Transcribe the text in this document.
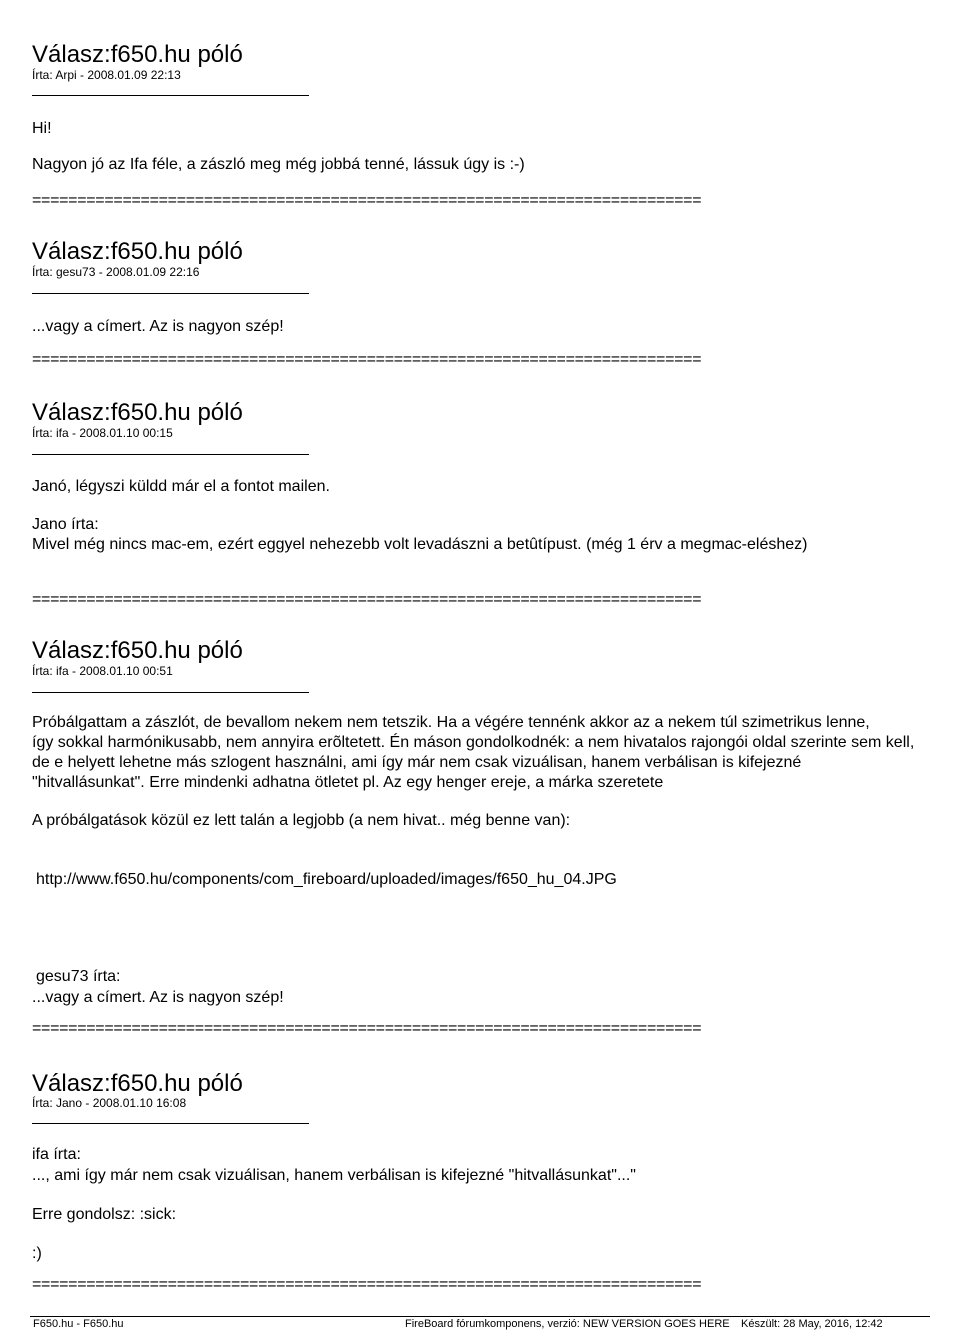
Válasz:f650.hu póló
Írta: Arpi - 2008.01.09 22:13
Hi!
Nagyon jó az Ifa féle, a zászló meg még jobbá tenné, lássuk úgy is :-)
==========================================================================
Válasz:f650.hu póló
Írta: gesu73 - 2008.01.09 22:16
...vagy a címert. Az is nagyon szép!
==========================================================================
Válasz:f650.hu póló
Írta: ifa - 2008.01.10 00:15
Janó, légyszi küldd már el a fontot mailen.
Jano írta:
Mivel még nincs mac-em, ezért eggyel nehezebb volt levadászni a betûtípust. (még 1 érv a megmac-eléshez)
==========================================================================
Válasz:f650.hu póló
Írta: ifa - 2008.01.10 00:51
Próbálgattam a zászlót, de bevallom nekem nem tetszik. Ha a végére tennénk akkor az a nekem túl szimetrikus lenne,
így sokkal harmónikusabb, nem annyira erõltetett. Én máson gondolkodnék: a nem hivatalos rajongói oldal szerinte sem kell,
de e helyett lehetne más szlogent használni, ami így már nem csak vizuálisan, hanem verbálisan is kifejezné
"hitvallásunkat". Erre mindenki adhatna ötletet pl. Az egy henger ereje, a márka szeretete
A próbálgatások közül ez lett talán a legjobb (a nem hivat.. még benne van):
http://www.f650.hu/components/com_fireboard/uploaded/images/f650_hu_04.JPG
gesu73 írta:
...vagy a címert. Az is nagyon szép!
==========================================================================
Válasz:f650.hu póló
Írta: Jano - 2008.01.10 16:08
ifa írta:
..., ami így már nem csak vizuálisan, hanem verbálisan is kifejezné "hitvallásunkat"..."
Erre gondolsz: :sick:
:)
==========================================================================
F650.hu - F650.hu	FireBoard fórumkomponens, verzió: NEW VERSION GOES HERE Készült: 28 May, 2016, 12:42
